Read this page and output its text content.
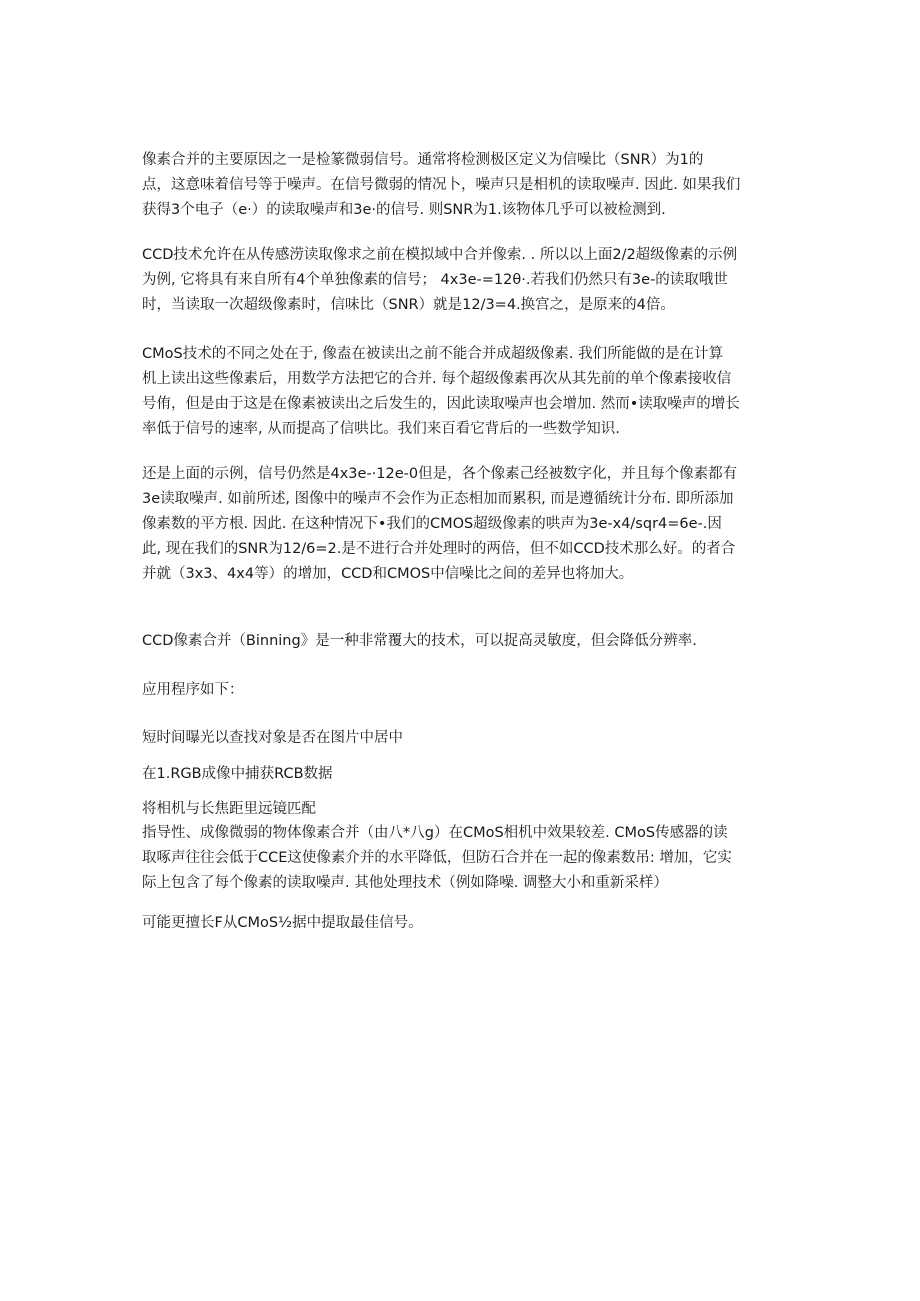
像素合并的主要原因之一是检篆微弱信号。通常将检测极区定义为信噪比（SNR）为1的
点，这意味着信号等于噪声。在信号微弱的情况卜，噪声只是相机的读取噪声. 因此. 如果我们
获得3个电子（e·）的读取噪声和3e·的信号. 则SNR为1.该物体几乎可以被检测到.

CCD技术允许在从传感涝读取像求之前在模拟域中合并像索. . 所以以上面2/2超级像素的示例
为例, 它将具有来自所有4个单独像素的信号； 4x3e-=12θ·.若我们仍然只有3e-的读取哦世
时，当读取一次超级像素时，信味比（SNR）就是12/3=4.换宫之，是原来的4倍。

CMoS技术的不同之处在于, 像盍在被读出之前不能合并成超级像素. 我们所能做的是在计算
机上读出这些像素后，用数学方法把它的合并. 每个超级像素再次从其先前的单个像素接收信
号侑，但是由于这是在像素被读出之后发生的，因此读取噪声也会增加. 然而•读取噪声的增长
率低于信号的速率, 从而提高了信哄比。我们来百看它背后的一些数学知识.

还是上面的示例，信号仍然是4x3e-·12e-0但是，各个像素己经被数字化，并且每个像素都有
3e读取噪声. 如前所述, 图像中的噪声不会作为正态相加而累积, 而是遵循统计分布. 即所添加
像素数的平方根. 因此. 在这种情况下•我们的CMOS超级像素的哄声为3e-x4/sqr4=6e-.因
此, 现在我们的SNR为12/6=2.是不进行合并处理时的两倍，但不如CCD技术那么好。的者合
并就（3x3、4x4等）的增加，CCD和CMOS中信噪比之间的差异也将加大。

CCD像素合并（Binning》是一种非常覆大的技术，可以捉高灵敏度，但会降低分辨率.

应用程序如下：

短时间曝光以查找对象是否在图片中居中

在1.RGB成像中捕获RCB数据

将相机与长焦距里远镜匹配

指导性、成像微弱的物体像素合并（由八*八g）在CMoS相机中效果较差. CMoS传感器的读
取啄声往往会低于CCE这使像素介并的水平降低，但防石合并在一起的像素数吊: 增加，它实
际上包含了每个像素的读取噪声. 其他处理技术（例如降噪. 调整大小和重新采样）

可能更擅长F从CMoS½据中提取最佳信号。
